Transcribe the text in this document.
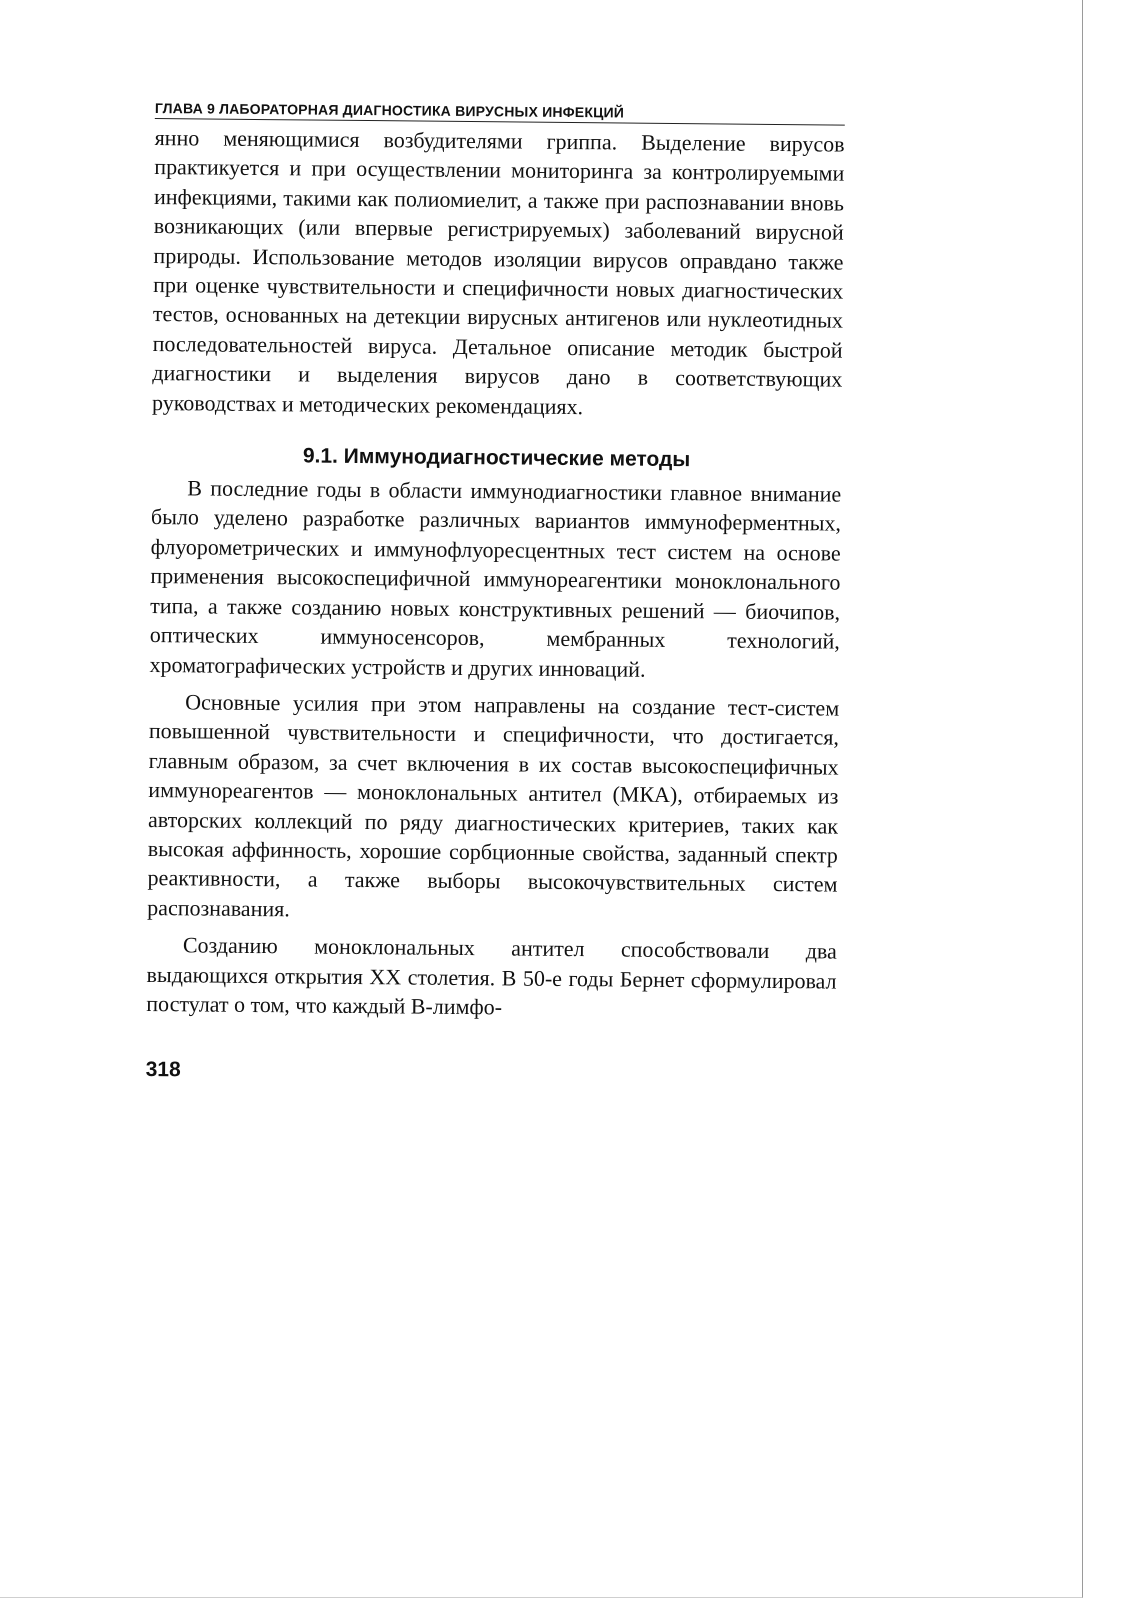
ГЛАВА 9 ЛАБОРАТОРНАЯ ДИАГНОСТИКА ВИРУСНЫХ ИНФЕКЦИЙ

янно меняющимися возбудителями гриппа. Выделение вирусов практикуется и при осуществлении мониторинга за контролируемыми инфекциями, такими как полиомиелит, а также при распознавании вновь возникающих (или впервые регистрируемых) заболеваний вирусной природы. Использование методов изоляции вирусов оправдано также при оценке чувствительности и специфичности новых диагностических тестов, основанных на детекции вирусных антигенов или нуклеотидных последовательностей вируса. Детальное описание методик быстрой диагностики и выделения вирусов дано в соответствующих руководствах и методических рекомендациях.

9.1. Иммунодиагностические методы

В последние годы в области иммунодиагностики главное внимание было уделено разработке различных вариантов иммуноферментных, флуорометрических и иммунофлуоресцентных тест систем на основе применения высокоспецифичной иммунореагентики моноклонального типа, а также созданию новых конструктивных решений — биочипов, оптических иммуносенсоров, мембранных технологий, хроматографических устройств и других инноваций.

Основные усилия при этом направлены на создание тест-систем повышенной чувствительности и специфичности, что достигается, главным образом, за счет включения в их состав высокоспецифичных иммунореагентов — моноклональных антител (МКА), отбираемых из авторских коллекций по ряду диагностических критериев, таких как высокая аффинность, хорошие сорбционные свойства, заданный спектр реактивности, а также выборы высокочувствительных систем распознавания.

Созданию моноклональных антител способствовали два выдающихся открытия XX столетия. В 50-е годы Бернет сформулировал постулат о том, что каждый В-лимфо-

318
